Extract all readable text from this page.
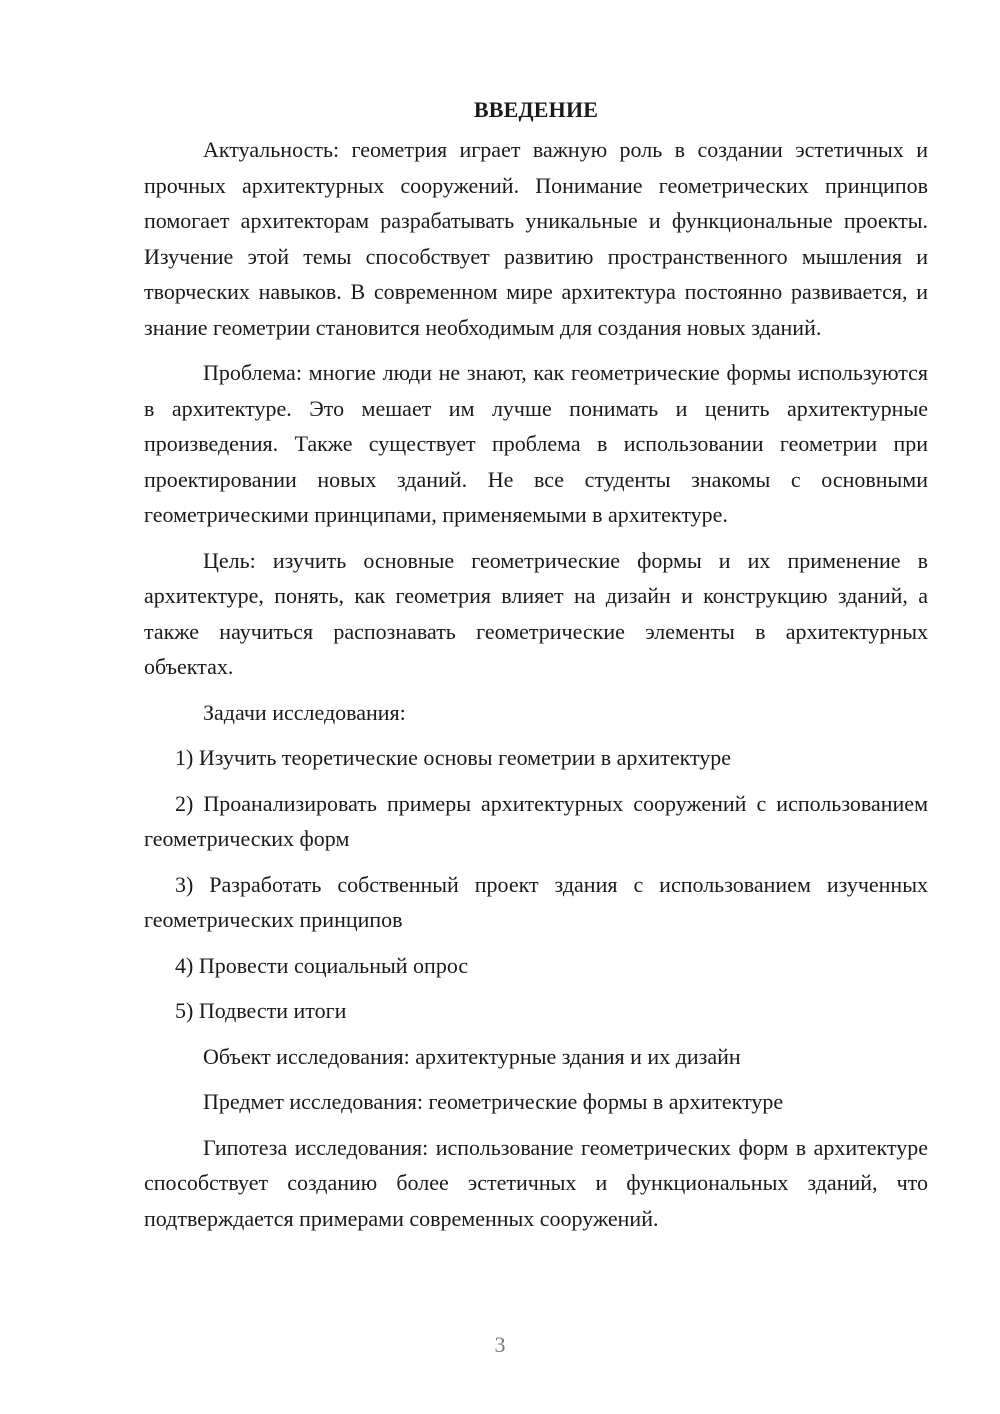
ВВЕДЕНИЕ

Актуальность: геометрия играет важную роль в создании эстетичных и прочных архитектурных сооружений. Понимание геометрических принципов помогает архитекторам разрабатывать уникальные и функциональные проекты. Изучение этой темы способствует развитию пространственного мышления и творческих навыков. В современном мире архитектура постоянно развивается, и знание геометрии становится необходимым для создания новых зданий.

Проблема: многие люди не знают, как геометрические формы используются в архитектуре. Это мешает им лучше понимать и ценить архитектурные произведения. Также существует проблема в использовании геометрии при проектировании новых зданий. Не все студенты знакомы с основными геометрическими принципами, применяемыми в архитектуре.

Цель: изучить основные геометрические формы и их применение в архитектуре, понять, как геометрия влияет на дизайн и конструкцию зданий, а также научиться распознавать геометрические элементы в архитектурных объектах.

Задачи исследования:

1) Изучить теоретические основы геометрии в архитектуре

2) Проанализировать примеры архитектурных сооружений с использованием геометрических форм

3) Разработать собственный проект здания с использованием изученных геометрических принципов

4) Провести социальный опрос

5) Подвести итоги

Объект исследования: архитектурные здания и их дизайн

Предмет исследования: геометрические формы в архитектуре

Гипотеза исследования: использование геометрических форм в архитектуре способствует созданию более эстетичных и функциональных зданий, что подтверждается примерами современных сооружений.

3
